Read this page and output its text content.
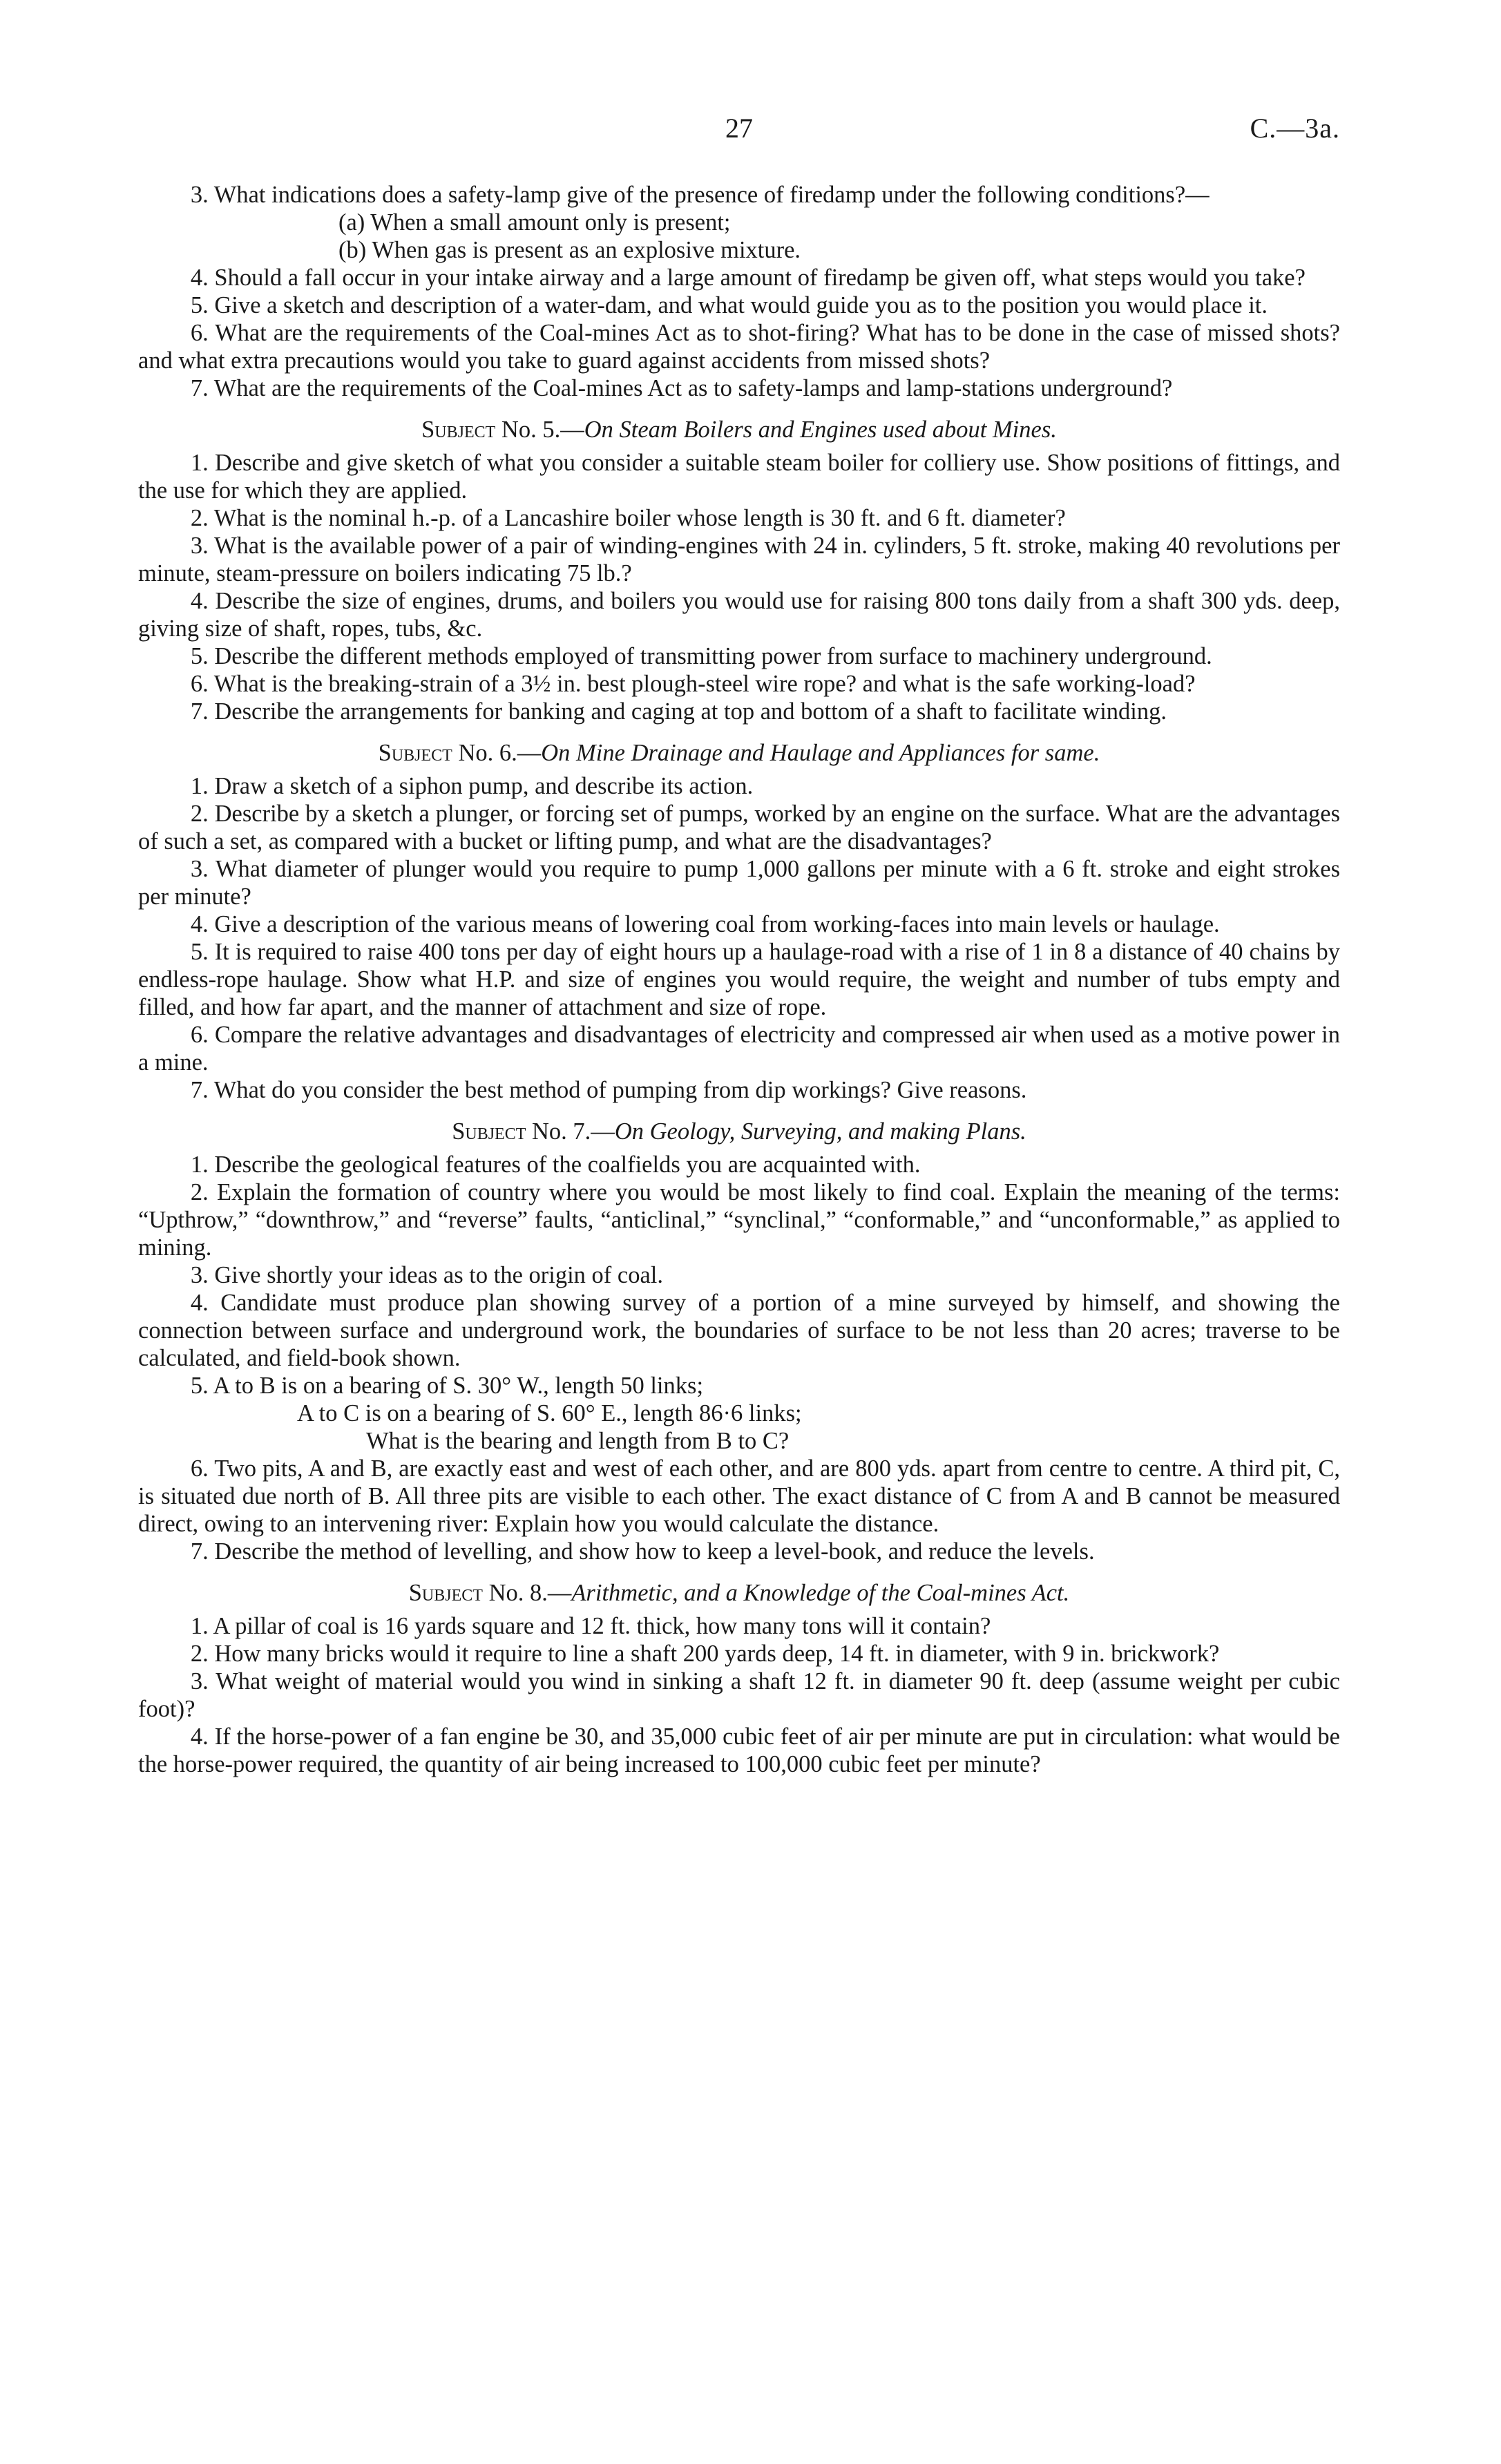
27	C.—3a.

3. What indications does a safety-lamp give of the presence of firedamp under the following conditions?—

(a) When a small amount only is present;

(b) When gas is present as an explosive mixture.

4. Should a fall occur in your intake airway and a large amount of firedamp be given off, what steps would you take?

5. Give a sketch and description of a water-dam, and what would guide you as to the position you would place it.

6. What are the requirements of the Coal-mines Act as to shot-firing? What has to be done in the case of missed shots? and what extra precautions would you take to guard against accidents from missed shots?

7. What are the requirements of the Coal-mines Act as to safety-lamps and lamp-stations underground?

Subject No. 5.—On Steam Boilers and Engines used about Mines.

1. Describe and give sketch of what you consider a suitable steam boiler for colliery use. Show positions of fittings, and the use for which they are applied.

2. What is the nominal h.-p. of a Lancashire boiler whose length is 30 ft. and 6 ft. diameter?

3. What is the available power of a pair of winding-engines with 24 in. cylinders, 5 ft. stroke, making 40 revolutions per minute, steam-pressure on boilers indicating 75 lb.?

4. Describe the size of engines, drums, and boilers you would use for raising 800 tons daily from a shaft 300 yds. deep, giving size of shaft, ropes, tubs, &c.

5. Describe the different methods employed of transmitting power from surface to machinery underground.

6. What is the breaking-strain of a 3½ in. best plough-steel wire rope? and what is the safe working-load?

7. Describe the arrangements for banking and caging at top and bottom of a shaft to facilitate winding.

Subject No. 6.—On Mine Drainage and Haulage and Appliances for same.

1. Draw a sketch of a siphon pump, and describe its action.

2. Describe by a sketch a plunger, or forcing set of pumps, worked by an engine on the surface. What are the advantages of such a set, as compared with a bucket or lifting pump, and what are the disadvantages?

3. What diameter of plunger would you require to pump 1,000 gallons per minute with a 6 ft. stroke and eight strokes per minute?

4. Give a description of the various means of lowering coal from working-faces into main levels or haulage.

5. It is required to raise 400 tons per day of eight hours up a haulage-road with a rise of 1 in 8 a distance of 40 chains by endless-rope haulage. Show what H.P. and size of engines you would require, the weight and number of tubs empty and filled, and how far apart, and the manner of attachment and size of rope.

6. Compare the relative advantages and disadvantages of electricity and compressed air when used as a motive power in a mine.

7. What do you consider the best method of pumping from dip workings? Give reasons.

Subject No. 7.—On Geology, Surveying, and making Plans.

1. Describe the geological features of the coalfields you are acquainted with.

2. Explain the formation of country where you would be most likely to find coal. Explain the meaning of the terms: “Upthrow,” “downthrow,” and “reverse” faults, “anticlinal,” “synclinal,” “conformable,” and “unconformable,” as applied to mining.

3. Give shortly your ideas as to the origin of coal.

4. Candidate must produce plan showing survey of a portion of a mine surveyed by himself, and showing the connection between surface and underground work, the boundaries of surface to be not less than 20 acres; traverse to be calculated, and field-book shown.

5. A to B is on a bearing of S. 30° W., length 50 links;

A to C is on a bearing of S. 60° E., length 86·6 links;

What is the bearing and length from B to C?

6. Two pits, A and B, are exactly east and west of each other, and are 800 yds. apart from centre to centre. A third pit, C, is situated due north of B. All three pits are visible to each other. The exact distance of C from A and B cannot be measured direct, owing to an intervening river: Explain how you would calculate the distance.

7. Describe the method of levelling, and show how to keep a level-book, and reduce the levels.

Subject No. 8.—Arithmetic, and a Knowledge of the Coal-mines Act.

1. A pillar of coal is 16 yards square and 12 ft. thick, how many tons will it contain?

2. How many bricks would it require to line a shaft 200 yards deep, 14 ft. in diameter, with 9 in. brickwork?

3. What weight of material would you wind in sinking a shaft 12 ft. in diameter 90 ft. deep (assume weight per cubic foot)?

4. If the horse-power of a fan engine be 30, and 35,000 cubic feet of air per minute are put in circulation: what would be the horse-power required, the quantity of air being increased to 100,000 cubic feet per minute?
